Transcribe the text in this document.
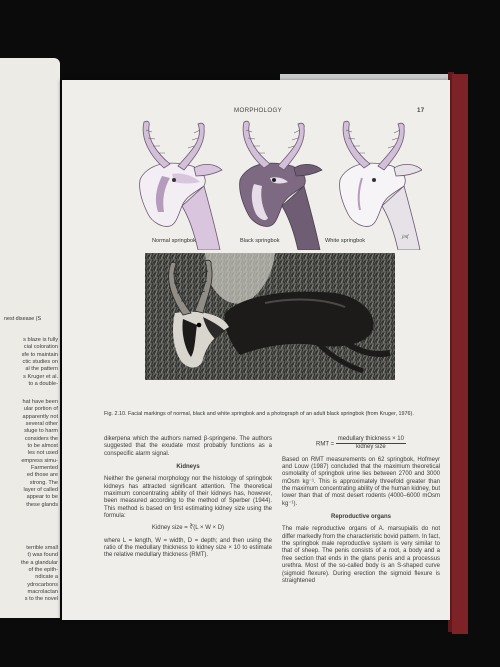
nest disease (S
s blaze is fully
cial coloration
sfe to maintain
ctic studies on
al the pattern
s Kruger et al.
to a double-
hat have been
ular portion of
apparently not
several other
sluge to harm
considers the
to be almost
les not used
empress simu-
Farmented
ed those are
strong. The
layer of called
appear to be
these glands
terrible small
t) was found
the a glandular
of the epith-
ndicate a
ydrocarbons
macrolactan
s to the novel
MORPHOLOGY	17
jmf
Normal springbok	Black springbok	White springbok
Fig. 2.10. Facial markings of normal, black and white springbok and a photograph of an adult black springbok (from Kruger, 1976).

dikerpena which the authors named β-springene. The authors suggested that the exudate most probably functions as a conspecific alarm signal.

Kidneys

Neither the general morphology nor the histology of springbok kidneys has attracted significant attention. The theoretical maximum concentrating ability of their kidneys has, however, been measured according to the method of Sperber (1944). This method is based on first estimating kidney size using the formula:

Kidney size = ∛(L × W × D)

where L = length, W = width, D = depth; and then using the ratio of the medullary thickness to kidney size × 10 to estimate the relative medullary thickness (RMT).

RMT = $\frac{\text{medullary thickness × 10}}{\text{kidney size}}$

Based on RMT measurements on 62 springbok, Hofmeyr and Louw (1987) concluded that the maximum theoretical osmolality of springbok urine lies between 2700 and 3000 mOsm kg⁻¹. This is approximately threefold greater than the maximum concentrating ability of the human kidney, but lower than that of most desert rodents (4000–6000 mOsm kg⁻¹).

Reproductive organs

The male reproductive organs of A. marsupialis do not differ markedly from the characteristic bovid pattern. In fact, the springbok male reproductive system is very similar to that of sheep. The penis consists of a root, a body and a free section that ends in the glans penis and a processus urethra. Most of the so-called body is an S-shaped curve (sigmoid flexure). During erection the sigmoid flexure is straightened
